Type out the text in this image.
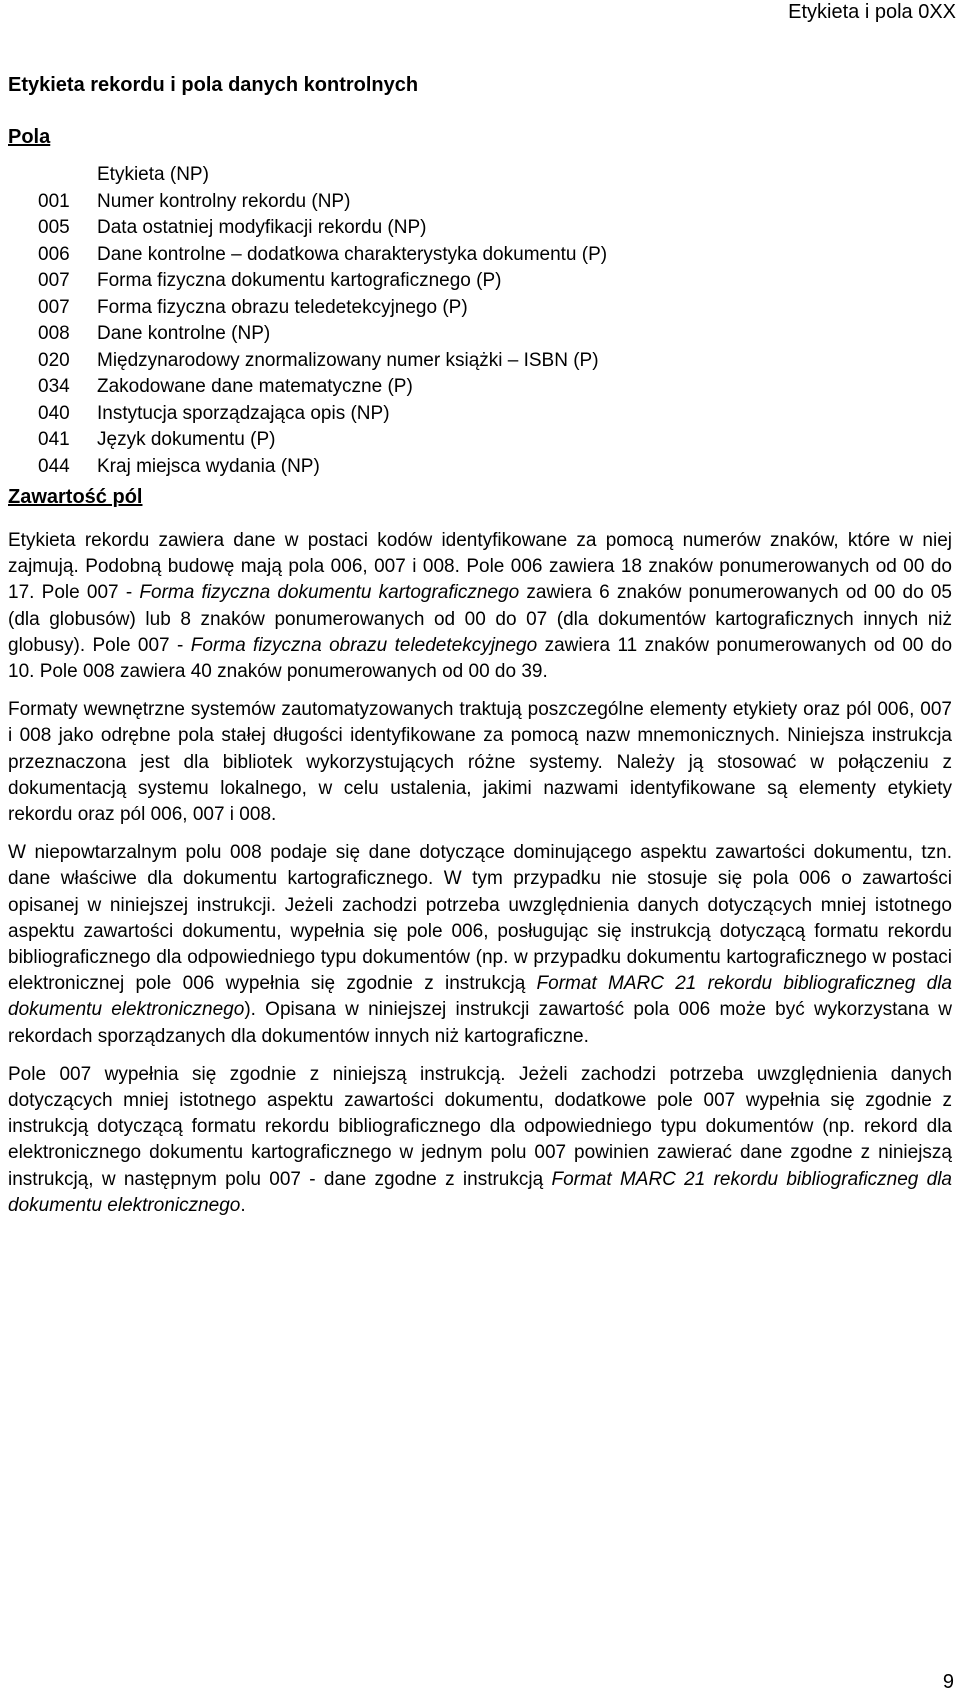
Etykieta i pola 0XX
Etykieta rekordu i pola danych kontrolnych
Pola
Etykieta (NP)
001 Numer kontrolny rekordu (NP)
005 Data ostatniej modyfikacji rekordu (NP)
006 Dane kontrolne – dodatkowa charakterystyka dokumentu (P)
007 Forma fizyczna dokumentu kartograficznego (P)
007 Forma fizyczna obrazu teledetekcyjnego (P)
008 Dane kontrolne (NP)
020 Międzynarodowy znormalizowany numer książki – ISBN (P)
034 Zakodowane dane matematyczne (P)
040 Instytucja sporządzająca opis (NP)
041 Język dokumentu (P)
044 Kraj miejsca wydania (NP)
Zawartość pól

Etykieta rekordu zawiera dane w postaci kodów identyfikowane za pomocą numerów znaków, które w niej zajmują. Podobną budowę mają pola 006, 007 i 008. Pole 006 zawiera 18 znaków ponumerowanych od 00 do 17. Pole 007 - Forma fizyczna dokumentu kartograficznego zawiera 6 znaków ponumerowanych od 00 do 05 (dla globusów) lub 8 znaków ponumerowanych od 00 do 07 (dla dokumentów kartograficznych innych niż globusy). Pole 007 - Forma fizyczna obrazu teledetekcyjnego zawiera 11 znaków ponumerowanych od 00 do 10. Pole 008 zawiera 40 znaków ponumerowanych od 00 do 39.

Formaty wewnętrzne systemów zautomatyzowanych traktują poszczególne elementy etykiety oraz pól 006, 007 i 008 jako odrębne pola stałej długości identyfikowane za pomocą nazw mnemonicznych. Niniejsza instrukcja przeznaczona jest dla bibliotek wykorzystujących różne systemy. Należy ją stosować w połączeniu z dokumentacją systemu lokalnego, w celu ustalenia, jakimi nazwami identyfikowane są elementy etykiety rekordu oraz pól 006, 007 i 008.

W niepowtarzalnym polu 008 podaje się dane dotyczące dominującego aspektu zawartości dokumentu, tzn. dane właściwe dla dokumentu kartograficznego. W tym przypadku nie stosuje się pola 006 o zawartości opisanej w niniejszej instrukcji. Jeżeli zachodzi potrzeba uwzględnienia danych dotyczących mniej istotnego aspektu zawartości dokumentu, wypełnia się pole 006, posługując się instrukcją dotyczącą formatu rekordu bibliograficznego dla odpowiedniego typu dokumentów (np. w przypadku dokumentu kartograficznego w postaci elektronicznej pole 006 wypełnia się zgodnie z instrukcją Format MARC 21 rekordu bibliograficzneg dla dokumentu elektronicznego). Opisana w niniejszej instrukcji zawartość pola 006 może być wykorzystana w rekordach sporządzanych dla dokumentów innych niż kartograficzne.

Pole 007 wypełnia się zgodnie z niniejszą instrukcją. Jeżeli zachodzi potrzeba uwzględnienia danych dotyczących mniej istotnego aspektu zawartości dokumentu, dodatkowe pole 007 wypełnia się zgodnie z instrukcją dotyczącą formatu rekordu bibliograficznego dla odpowiedniego typu dokumentów (np. rekord dla elektronicznego dokumentu kartograficznego w jednym polu 007 powinien zawierać dane zgodne z niniejszą instrukcją, w następnym polu 007 - dane zgodne z instrukcją Format MARC 21 rekordu bibliograficzneg dla dokumentu elektronicznego.

9
